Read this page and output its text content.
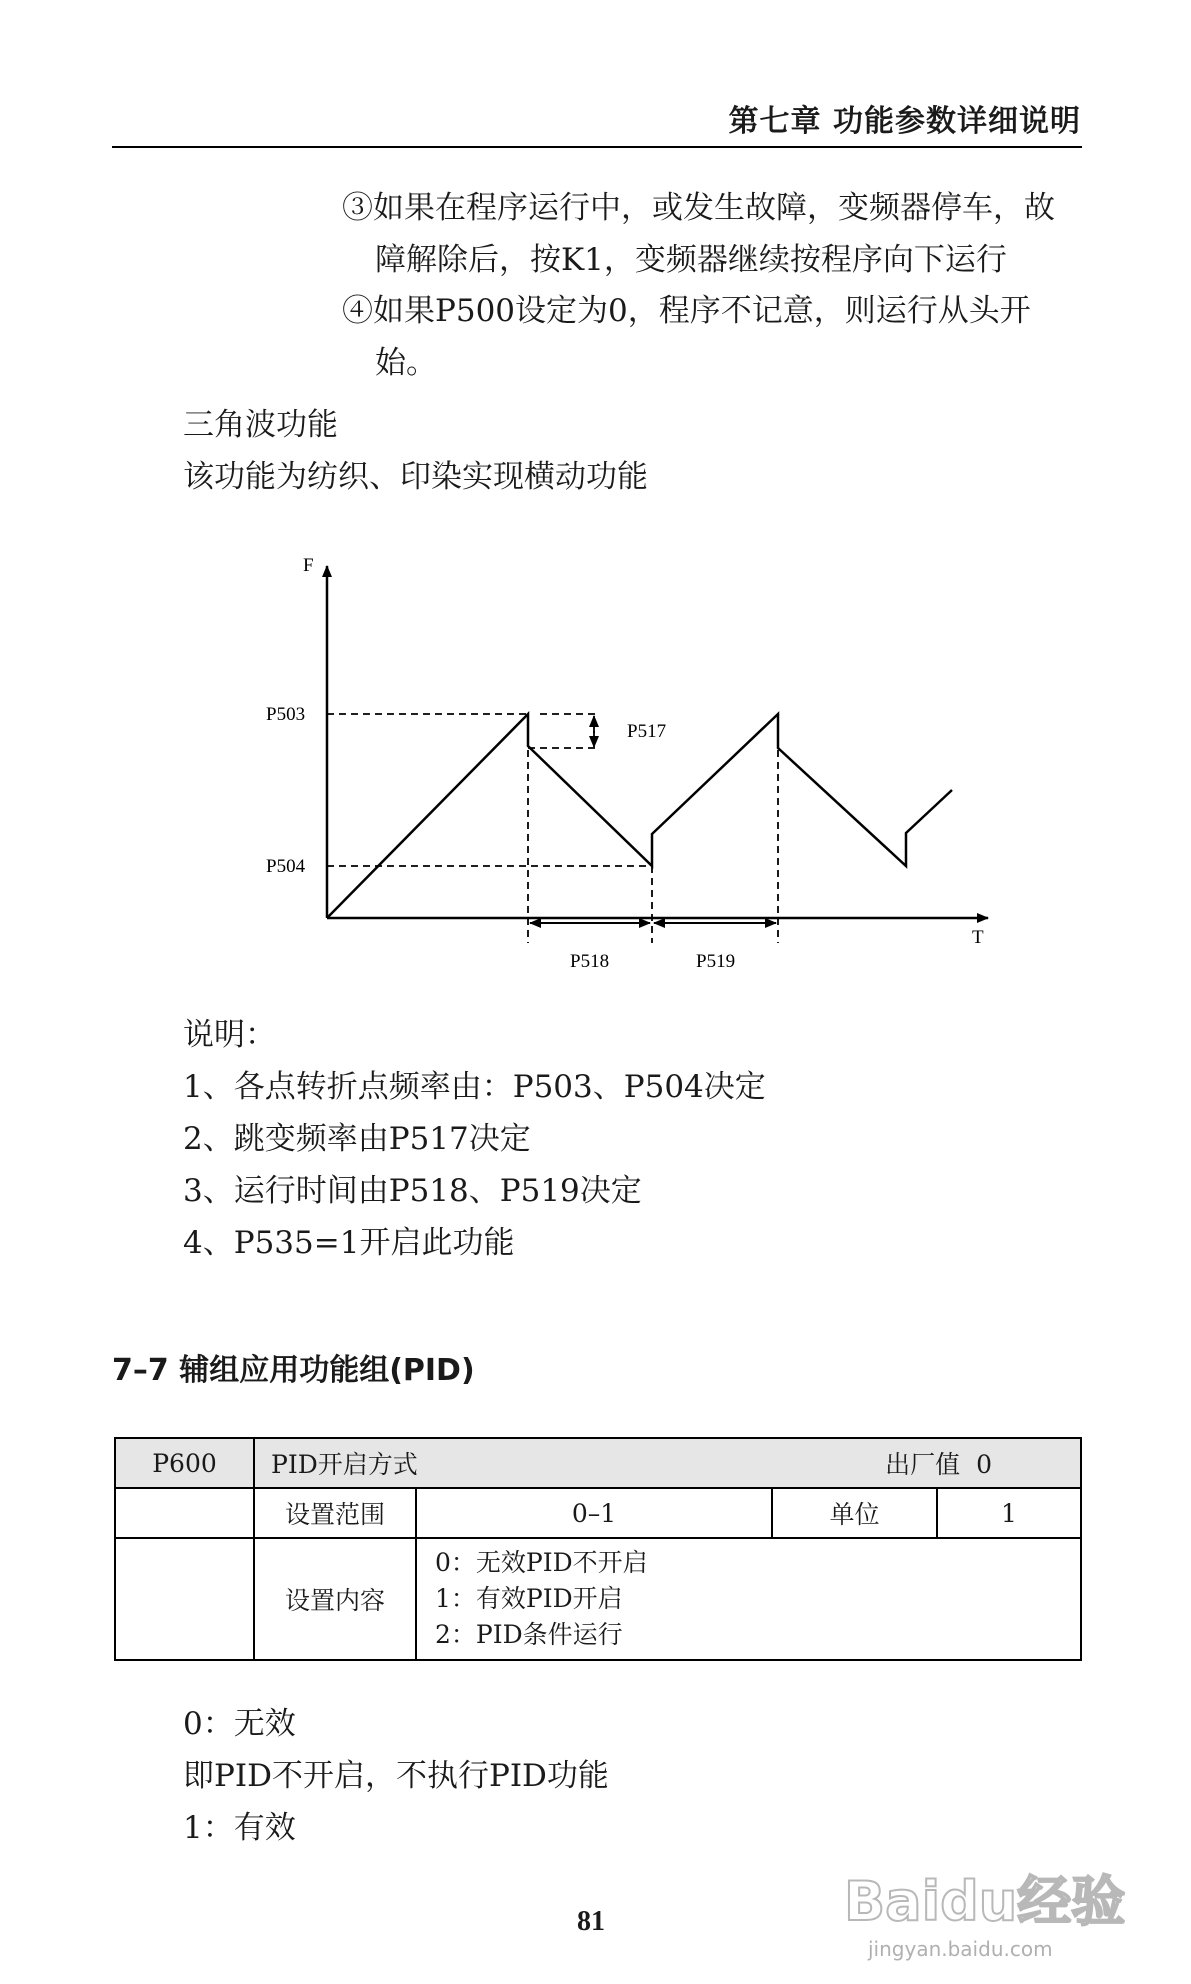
第七章 功能参数详细说明
③如果在程序运行中，或发生故障，变频器停车，故
障解除后，按K1，变频器继续按程序向下运行
④如果P500设定为0，程序不记意，则运行从头开
始。
三角波功能
该功能为纺织、印染实现横动功能
F
T
P503
P504
P517
P518	P519
说明：
1、各点转折点频率由：P503、P504决定
2、跳变频率由P517决定
3、运行时间由P518、P519决定
4、P535=1开启此功能
7–7 辅组应用功能组(PID)
P600	PID开启方式 出厂值 0			

	设置范围	0–1	单位	1
	设置内容	0：无效PID不开启
1：有效PID开启
2：PID条件运行		
0：无效
即PID不开启，不执行PID功能
1：有效
81	Baidu经验
jingyan.baidu.com
